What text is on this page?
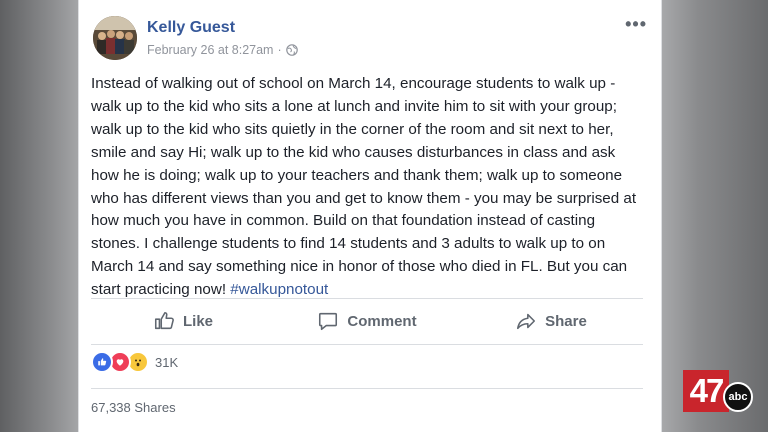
Kelly Guest
February 26 at 8:27am ·
•••
Instead of walking out of school on March 14, encourage students to walk up - walk up to the kid who sits a lone at lunch and invite him to sit with your group; walk up to the kid who sits quietly in the corner of the room and sit next to her, smile and say Hi; walk up to the kid who causes disturbances in class and ask how he is doing; walk up to your teachers and thank them; walk up to someone who has different views than you and get to know them - you may be surprised at how much you have in common. Build on that foundation instead of casting stones. I challenge students to find 14 students and 3 adults to walk up to on March 14 and say something nice in honor of those who died in FL. But you can start practicing now! #walkupnotout
Like	Comment	Share
31K
67,338 Shares	47 abc
